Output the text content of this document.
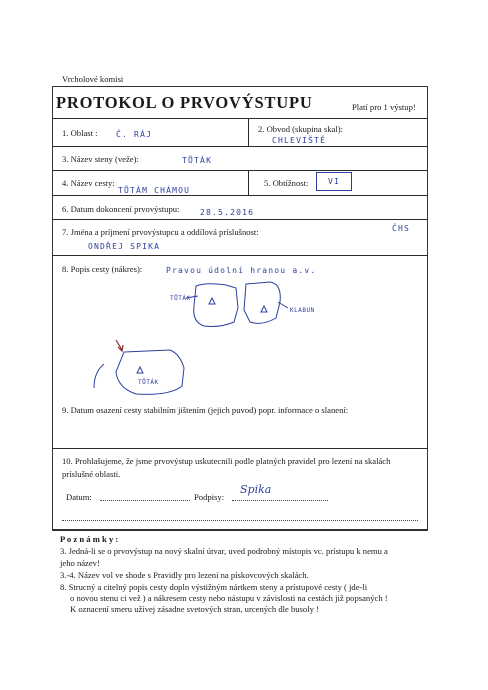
Vrcholové komisi
PROTOKOL O PRVOVÝSTUPU	Platí pro 1 výstup!
1. Oblast : Č. RÁJ
2. Obvod (skupina skal):
CHLEVIŠTĚ
3. Název steny (veže):	TŮTÁK
4. Název cesty:
TŮTÁM CHÁMOU
5. Obtížnost: VI
6. Datum dokoncení prvovýstupu:	28.5.2016
7. Jména a príjmení prvovýstupcu a oddílová príslušnost:	ČHS
ONDŘEJ SPIKA
8. Popis cesty (nákres):	Pravou údolní hranou a.v.
TŮTÁK
KLABUN
TŮTÁK
9. Datum osazení cesty stabilním jištením (jejich puvod) popr. informace o slanení:
10. Prohlašujeme, že jsme prvovýstup uskutecnili podle platných pravidel pro lezení na skalách
príslušné oblasti.
Datum:	Podpisy:
Spika
P o z n á m k y :
3. Jedná-li se o prvovýstup na nový skalní útvar, uved podrobný místopis vc. prístupu k nemu a
jeho název!
3.-4. Název vol ve shode s Pravidly pro lezení na pískovcových skalách.
8. Strucný a citelný popis cesty dopln výstižným nártkem steny a prístupové cesty ( jde-li
o novou stenu ci vež ) a nákresem cesty nebo nástupu v závislosti na cestách již popsaných !
K oznacení smeru užívej zásadne svetových stran, urcených dle busoly !
